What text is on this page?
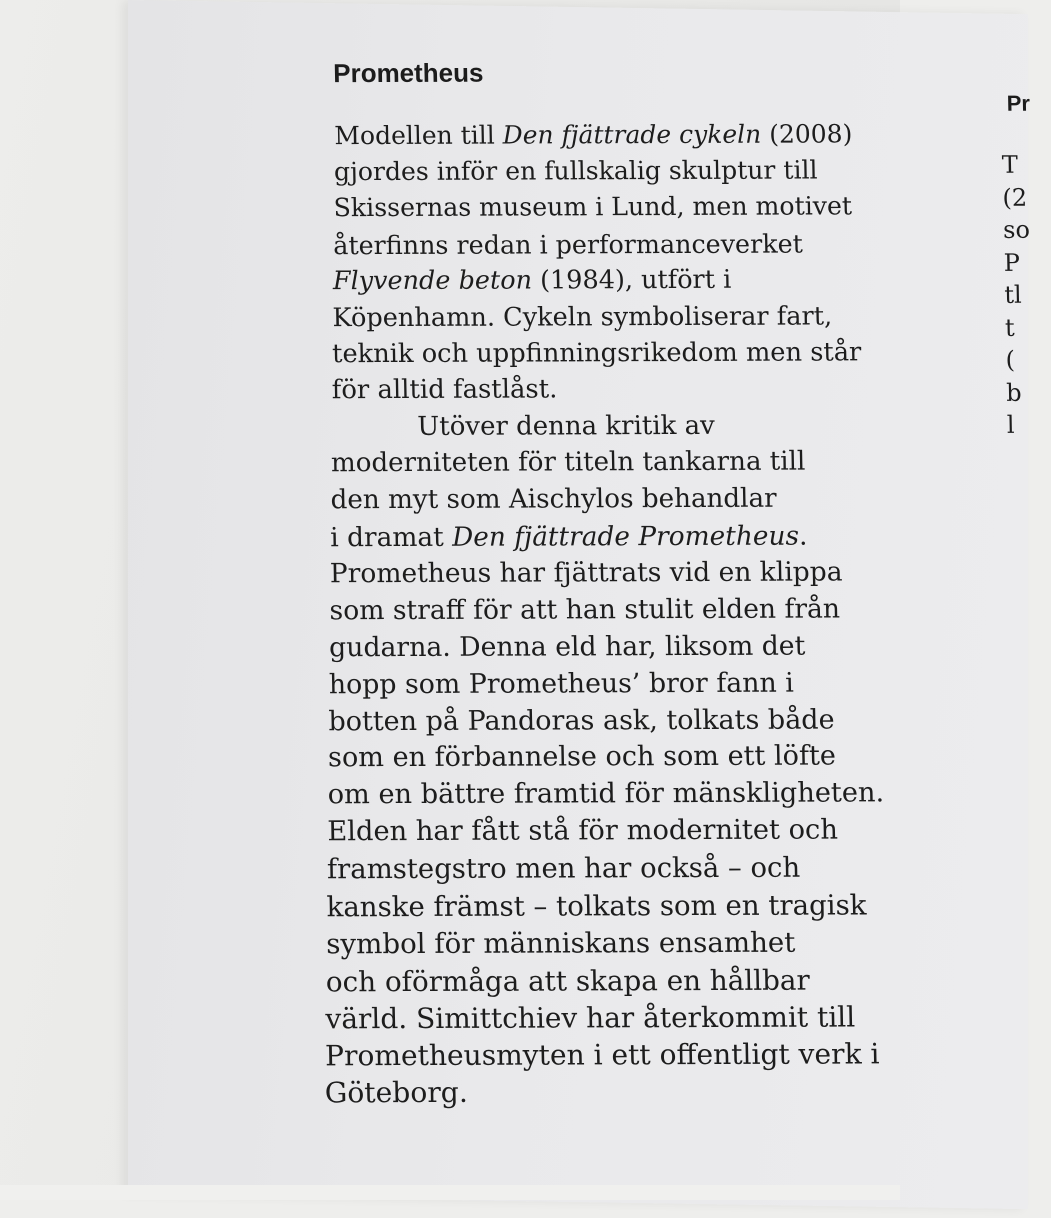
Prometheus
Modellen till Den fjättrade cykeln (2008)
gjordes inför en fullskalig skulptur till
Skissernas museum i Lund, men motivet
återfinns redan i performanceverket
Flyvende beton (1984), utfört i
Köpenhamn. Cykeln symboliserar fart,
teknik och uppfinningsrikedom men står
för alltid fastlåst.
Utöver denna kritik av
moderniteten för titeln tankarna till
den myt som Aischylos behandlar
i dramat Den fjättrade Prometheus.
Prometheus har fjättrats vid en klippa
som straff för att han stulit elden från
gudarna. Denna eld har, liksom det
hopp som Prometheus’ bror fann i
botten på Pandoras ask, tolkats både
som en förbannelse och som ett löfte
om en bättre framtid för mänskligheten.
Elden har fått stå för modernitet och
framstegstro men har också – och
kanske främst – tolkats som en tragisk
symbol för människans ensamhet
och oförmåga att skapa en hållbar
värld. Simittchiev har återkommit till
Prometheusmyten i ett offentligt verk i
Göteborg.
Pr
T
(2
so
P
tl
t
(
b
l
